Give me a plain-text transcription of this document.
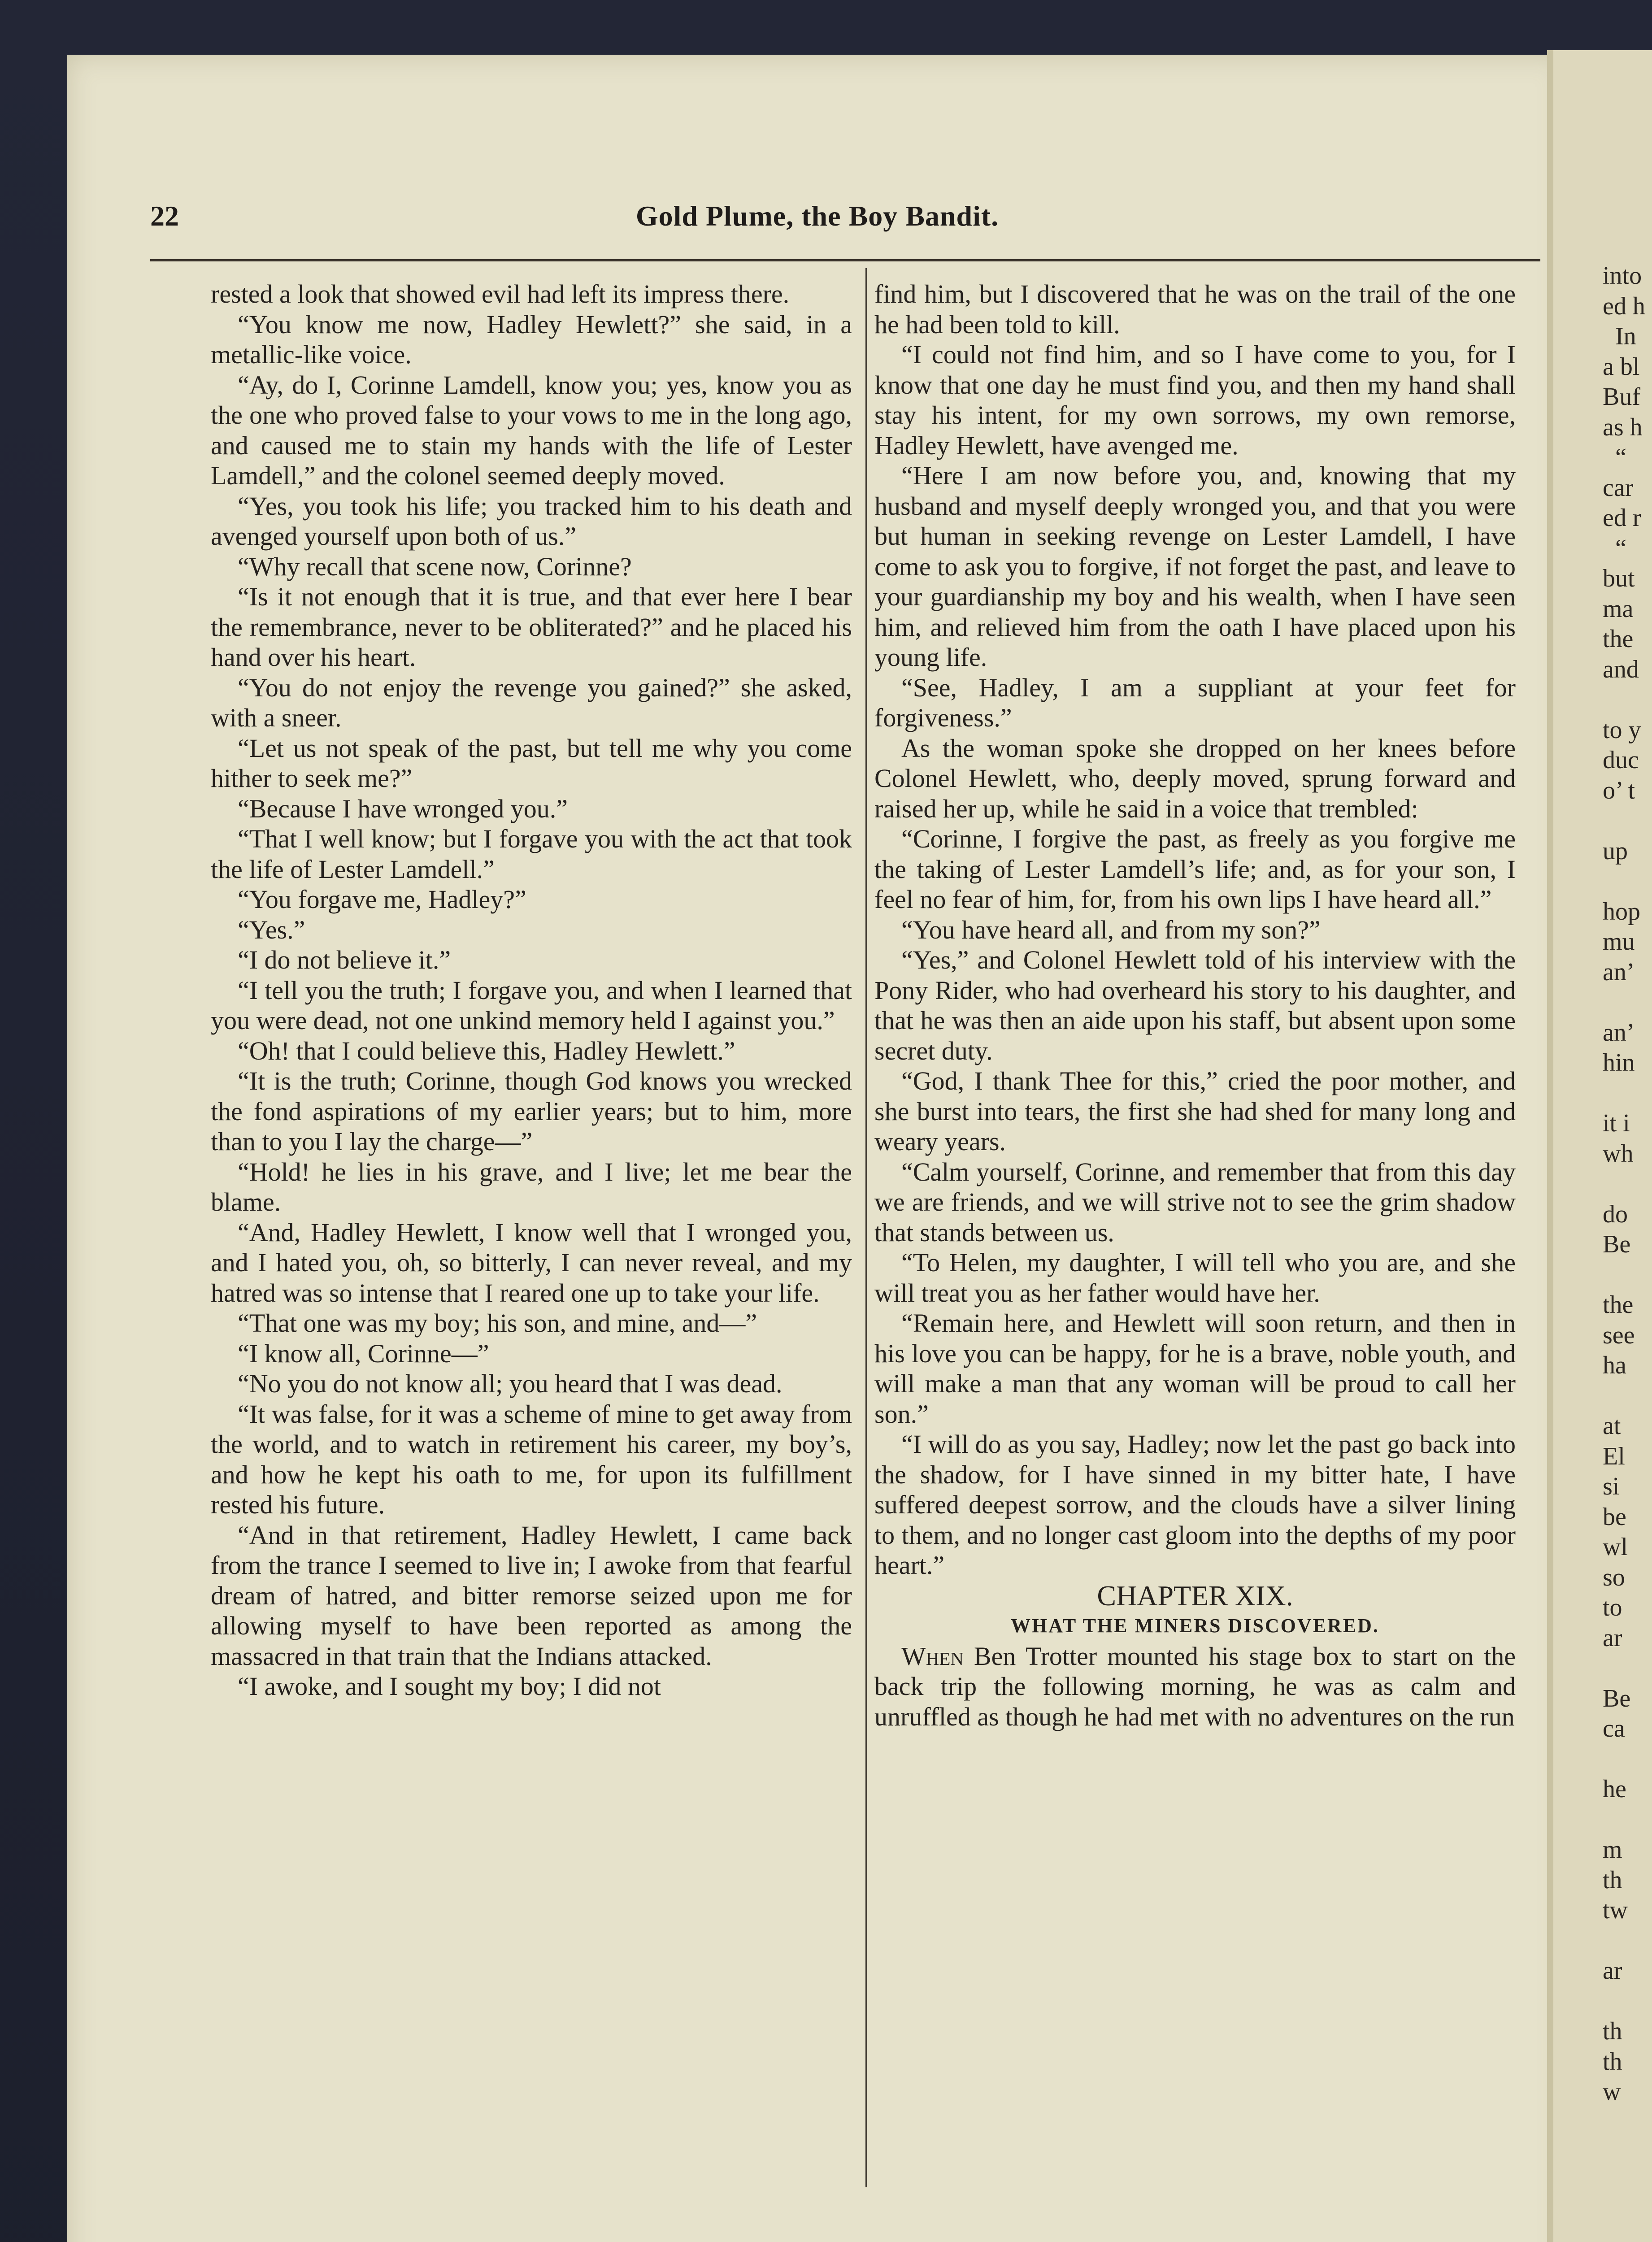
into
ed h
In
a bl
Buf
as h
“
car
ed r
“
but
ma
the
and

to y
duc
o’ t

up

hop
mu
an’

an’
hin

it i
wh

do
Be

the
see
ha

at
El
si
be
wl
so
to
ar

Be
ca

he

m
th
tw

ar

th
th
w
22	Gold Plume, the Boy Bandit.

rested a look that showed evil had left its impress there.

“You know me now, Hadley Hewlett?” she said, in a metallic-like voice.

“Ay, do I, Corinne Lamdell, know you; yes, know you as the one who proved false to your vows to me in the long ago, and caused me to stain my hands with the life of Lester Lamdell,” and the colonel seemed deeply moved.

“Yes, you took his life; you tracked him to his death and avenged yourself upon both of us.”

“Why recall that scene now, Corinne?

“Is it not enough that it is true, and that ever here I bear the remembrance, never to be obliterated?” and he placed his hand over his heart.

“You do not enjoy the revenge you gained?” she asked, with a sneer.

“Let us not speak of the past, but tell me why you come hither to seek me?”

“Because I have wronged you.”

“That I well know; but I forgave you with the act that took the life of Lester Lamdell.”

“You forgave me, Hadley?”

“Yes.”

“I do not believe it.”

“I tell you the truth; I forgave you, and when I learned that you were dead, not one unkind memory held I against you.”

“Oh! that I could believe this, Hadley Hewlett.”

“It is the truth; Corinne, though God knows you wrecked the fond aspirations of my earlier years; but to him, more than to you I lay the charge—”

“Hold! he lies in his grave, and I live; let me bear the blame.

“And, Hadley Hewlett, I know well that I wronged you, and I hated you, oh, so bitterly, I can never reveal, and my hatred was so intense that I reared one up to take your life.

“That one was my boy; his son, and mine, and—”

“I know all, Corinne—”

“No you do not know all; you heard that I was dead.

“It was false, for it was a scheme of mine to get away from the world, and to watch in retirement his career, my boy’s, and how he kept his oath to me, for upon its fulfillment rested his future.

“And in that retirement, Hadley Hewlett, I came back from the trance I seemed to live in; I awoke from that fearful dream of hatred, and bitter remorse seized upon me for allowing myself to have been reported as among the massacred in that train that the Indians attacked.

“I awoke, and I sought my boy; I did not

find him, but I discovered that he was on the trail of the one he had been told to kill.

“I could not find him, and so I have come to you, for I know that one day he must find you, and then my hand shall stay his intent, for my own sorrows, my own remorse, Hadley Hewlett, have avenged me.

“Here I am now before you, and, knowing that my husband and myself deeply wronged you, and that you were but human in seeking revenge on Lester Lamdell, I have come to ask you to forgive, if not forget the past, and leave to your guardianship my boy and his wealth, when I have seen him, and relieved him from the oath I have placed upon his young life.

“See, Hadley, I am a suppliant at your feet for forgiveness.”

As the woman spoke she dropped on her knees before Colonel Hewlett, who, deeply moved, sprung forward and raised her up, while he said in a voice that trembled:

“Corinne, I forgive the past, as freely as you forgive me the taking of Lester Lamdell’s life; and, as for your son, I feel no fear of him, for, from his own lips I have heard all.”

“You have heard all, and from my son?”

“Yes,” and Colonel Hewlett told of his interview with the Pony Rider, who had overheard his story to his daughter, and that he was then an aide upon his staff, but absent upon some secret duty.

“God, I thank Thee for this,” cried the poor mother, and she burst into tears, the first she had shed for many long and weary years.

“Calm yourself, Corinne, and remember that from this day we are friends, and we will strive not to see the grim shadow that stands between us.

“To Helen, my daughter, I will tell who you are, and she will treat you as her father would have her.

“Remain here, and Hewlett will soon return, and then in his love you can be happy, for he is a brave, noble youth, and will make a man that any woman will be proud to call her son.”

“I will do as you say, Hadley; now let the past go back into the shadow, for I have sinned in my bitter hate, I have suffered deepest sorrow, and the clouds have a silver lining to them, and no longer cast gloom into the depths of my poor heart.”

CHAPTER XIX.

WHAT THE MINERS DISCOVERED.

When Ben Trotter mounted his stage box to start on the back trip the following morning, he was as calm and unruffled as though he had met with no adventures on the run
